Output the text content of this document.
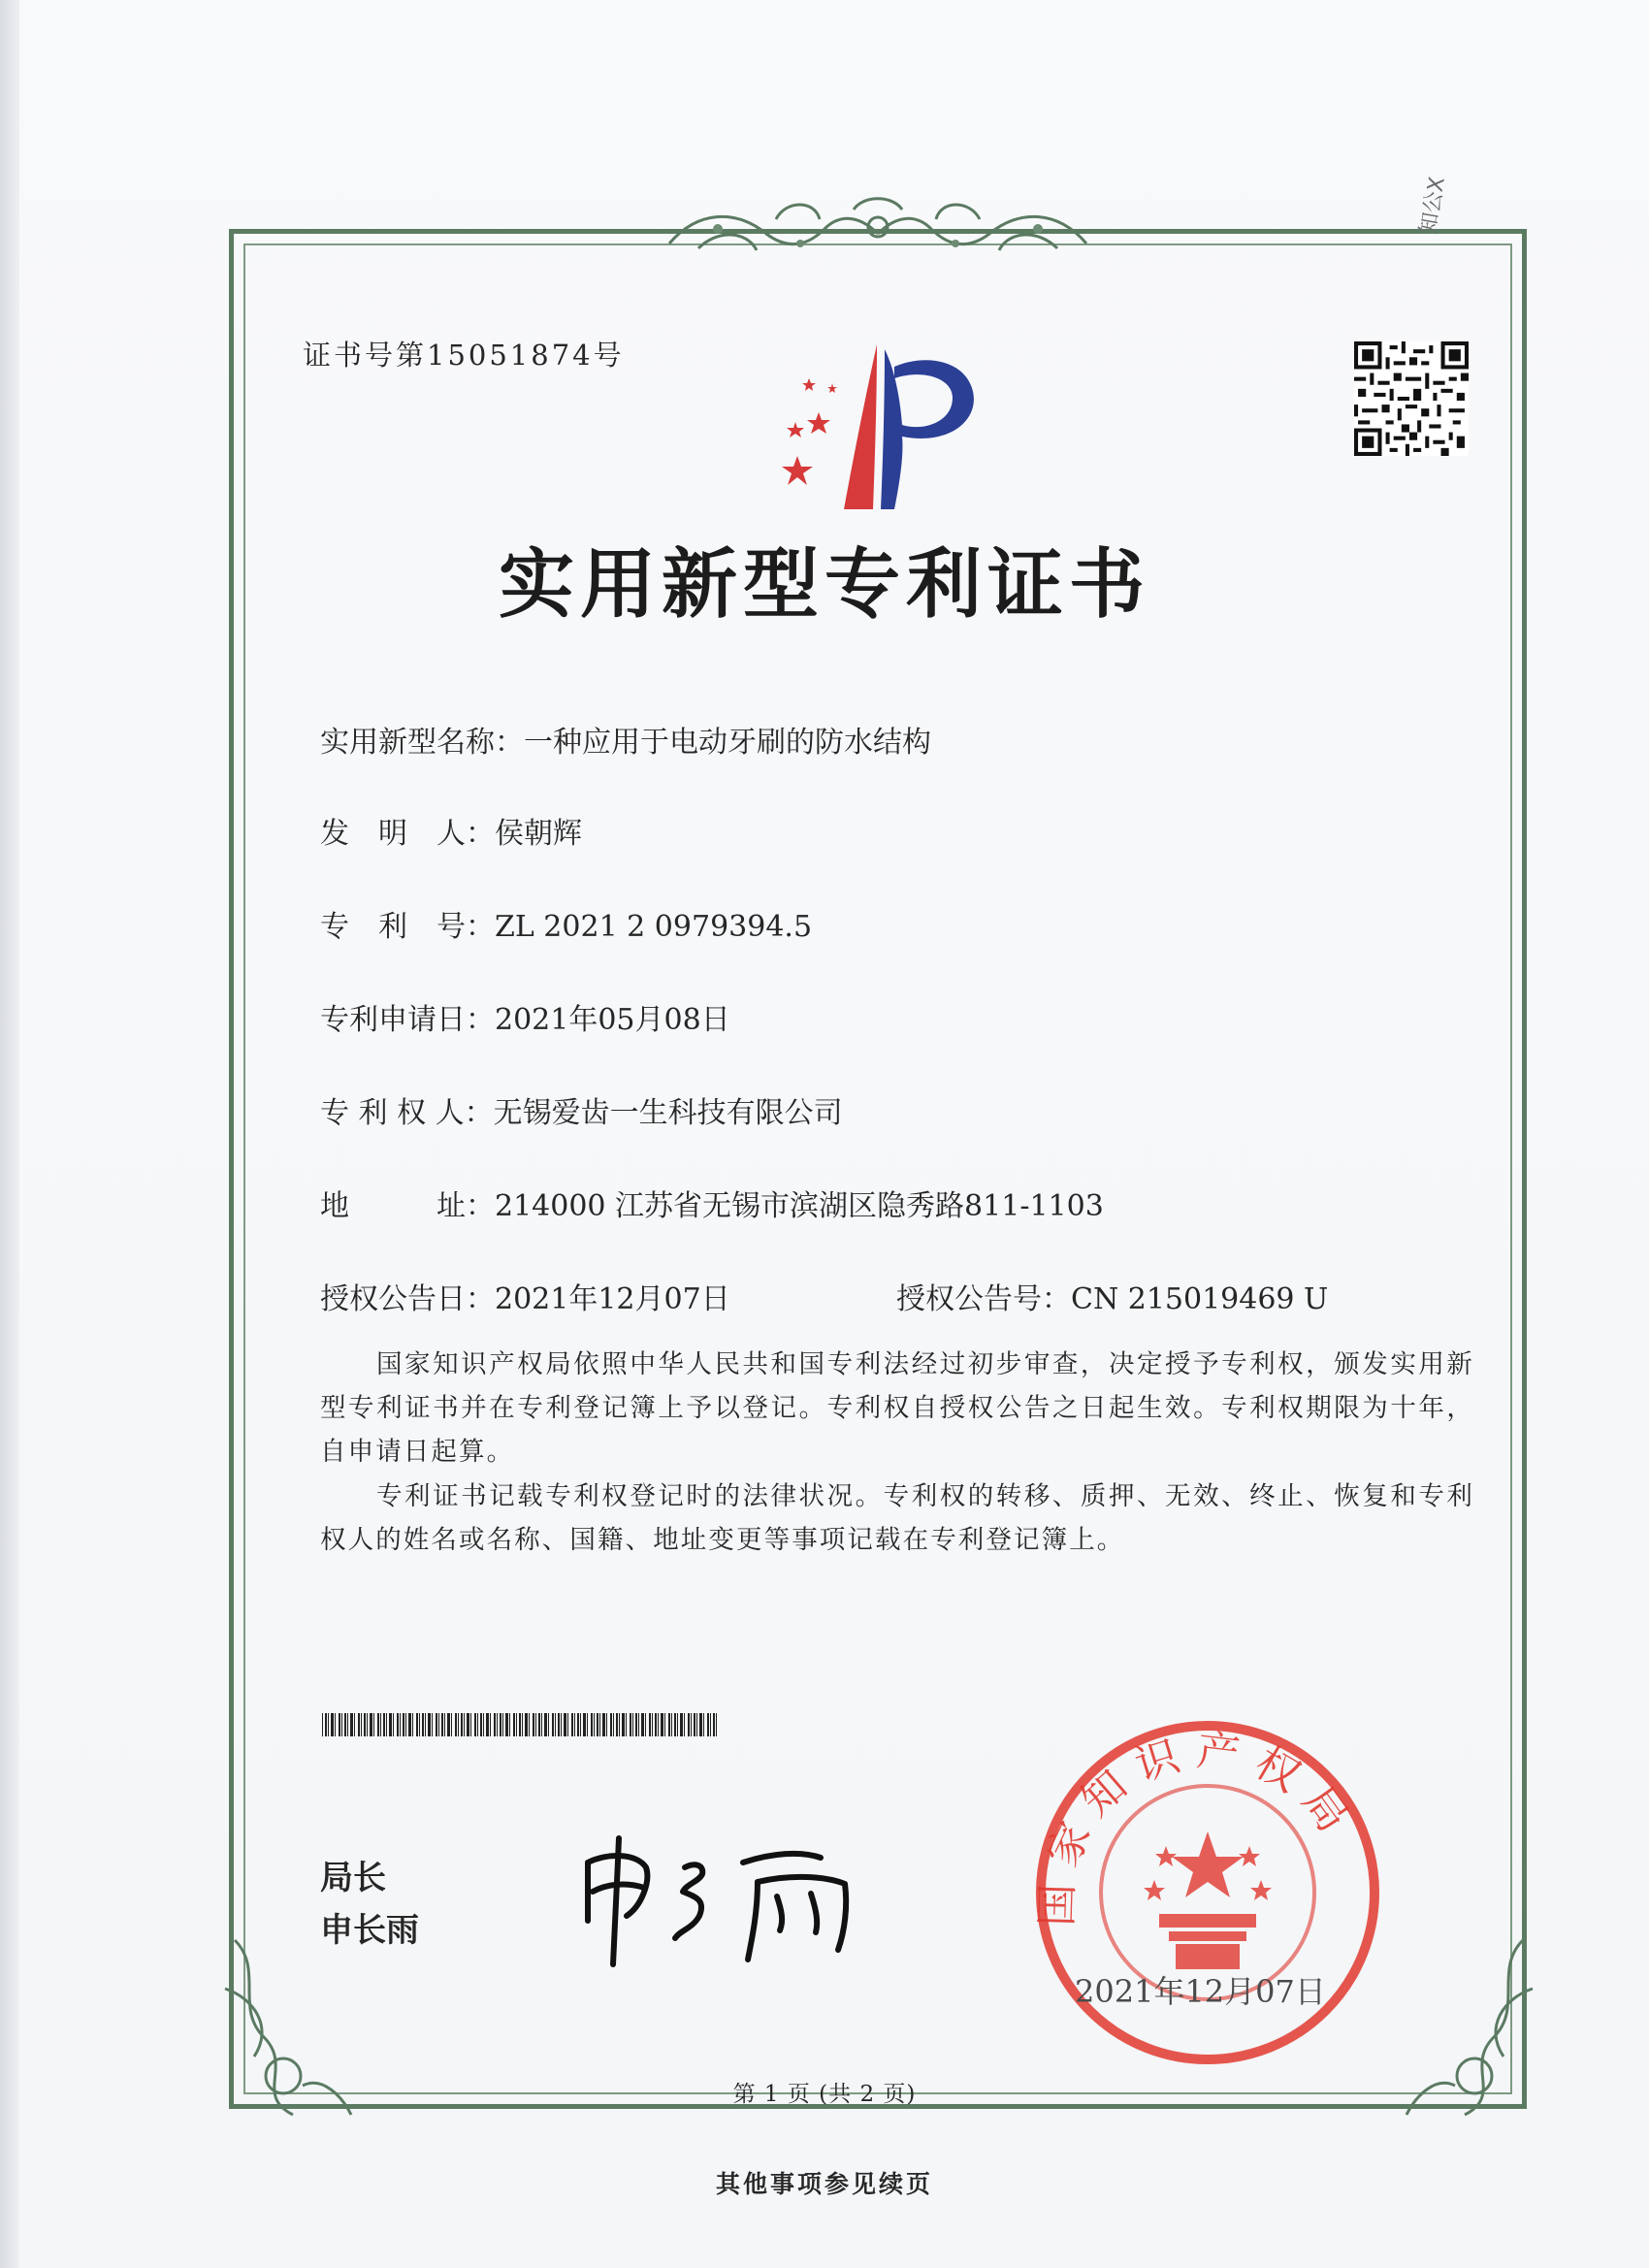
知公Ⅹ
证书号第15051874号
实用新型专利证书
实用新型名称：一种应用于电动牙刷的防水结构
发　明　人：侯朝辉
专　利　号：ZL 2021 2 0979394.5
专利申请日：2021年05月08日
专 利 权 人：无锡爱齿一生科技有限公司
地　　　址：214000 江苏省无锡市滨湖区隐秀路811-1103
授权公告日：2021年12月07日	授权公告号：CN 215019469 U
国家知识产权局依照中华人民共和国专利法经过初步审查，决定授予专利权，颁发实用新型专利证书并在专利登记簿上予以登记。专利权自授权公告之日起生效。专利权期限为十年，自申请日起算。
专利证书记载专利权登记时的法律状况。专利权的转移、质押、无效、终止、恢复和专利权人的姓名或名称、国籍、地址变更等事项记载在专利登记簿上。
局长
申长雨
国家知识产权局
2021年12月07日
第 1 页 (共 2 页)
其他事项参见续页
